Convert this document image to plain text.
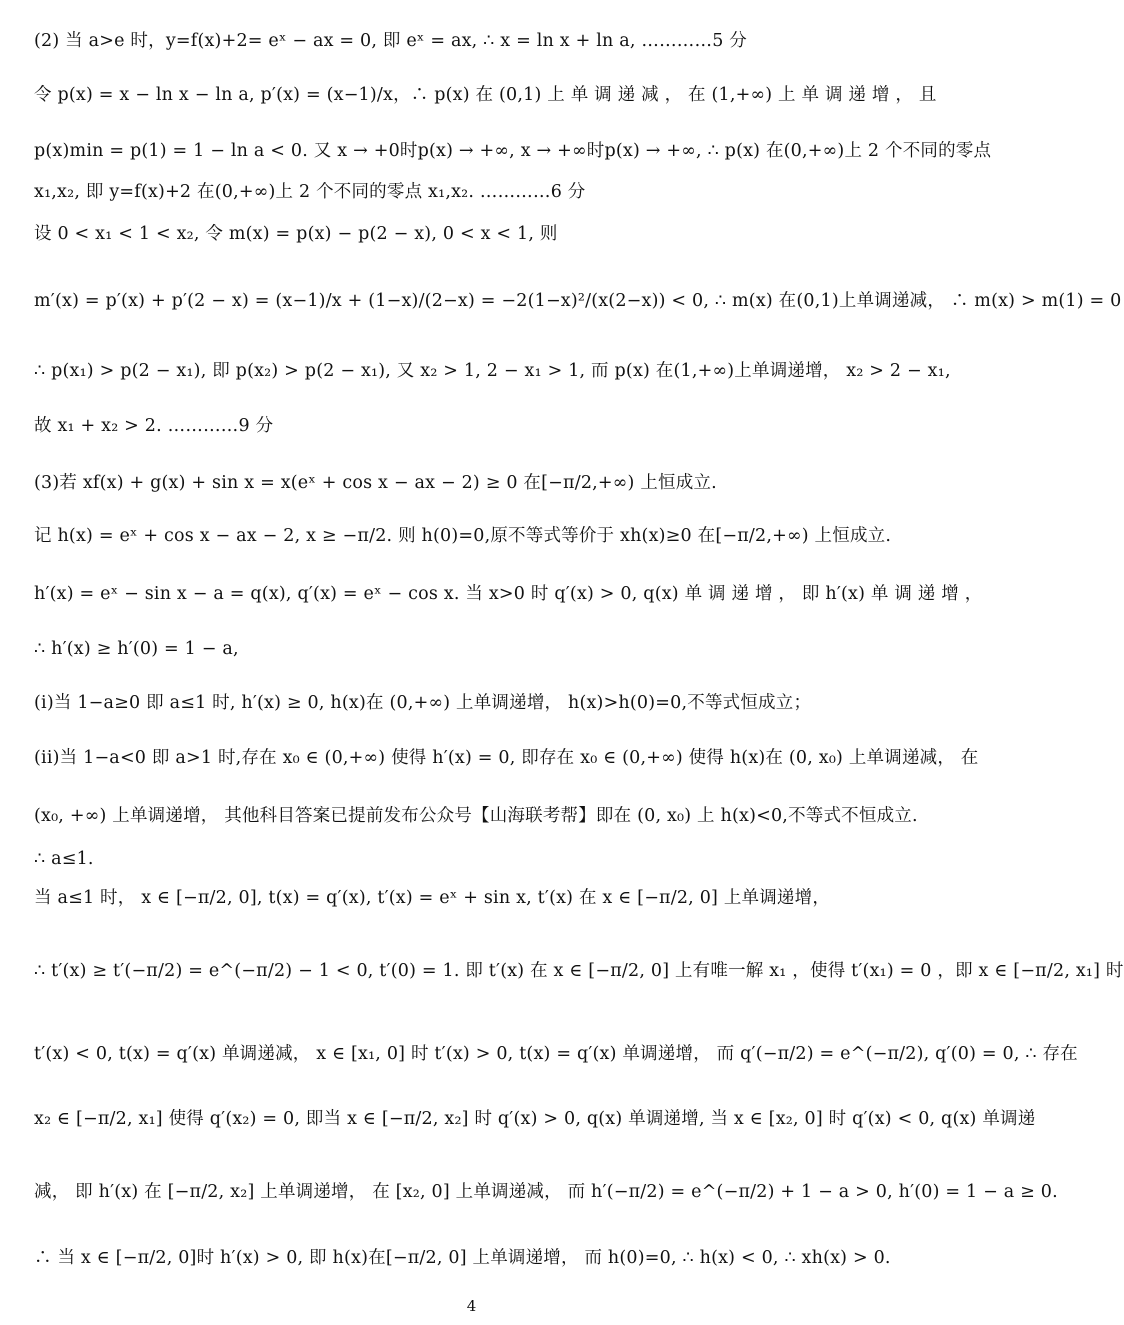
(2) 当 a>e 时，y=f(x)+2= eˣ − ax = 0, 即 eˣ = ax, ∴ x = ln x + ln a, …………5 分
令 p(x) = x − ln x − ln a, p′(x) = (x−1)/x，∴ p(x) 在 (0,1) 上 单 调 递 减 ， 在 (1,+∞) 上 单 调 递 增 ， 且
p(x)min = p(1) = 1 − ln a < 0. 又 x → +0时p(x) → +∞, x → +∞时p(x) → +∞, ∴ p(x) 在(0,+∞)上 2 个不同的零点
x₁,x₂, 即 y=f(x)+2 在(0,+∞)上 2 个不同的零点 x₁,x₂. …………6 分
设 0 < x₁ < 1 < x₂, 令 m(x) = p(x) − p(2 − x), 0 < x < 1, 则
m′(x) = p′(x) + p′(2 − x) = (x−1)/x + (1−x)/(2−x) = −2(1−x)²/(x(2−x)) < 0, ∴ m(x) 在(0,1)上单调递减， ∴ m(x) > m(1) = 0
∴ p(x₁) > p(2 − x₁), 即 p(x₂) > p(2 − x₁), 又 x₂ > 1, 2 − x₁ > 1, 而 p(x) 在(1,+∞)上单调递增， x₂ > 2 − x₁,
故 x₁ + x₂ > 2. …………9 分
(3)若 xf(x) + g(x) + sin x = x(eˣ + cos x − ax − 2) ≥ 0 在[−π/2,+∞) 上恒成立.
记 h(x) = eˣ + cos x − ax − 2, x ≥ −π/2. 则 h(0)=0,原不等式等价于 xh(x)≥0 在[−π/2,+∞) 上恒成立.
h′(x) = eˣ − sin x − a = q(x), q′(x) = eˣ − cos x. 当 x>0 时 q′(x) > 0, q(x) 单 调 递 增 ， 即 h′(x) 单 调 递 增 ，
∴ h′(x) ≥ h′(0) = 1 − a,
(i)当 1−a≥0 即 a≤1 时, h′(x) ≥ 0, h(x)在 (0,+∞) 上单调递增， h(x)>h(0)=0,不等式恒成立；
(ii)当 1−a<0 即 a>1 时,存在 x₀ ∈ (0,+∞) 使得 h′(x) = 0, 即存在 x₀ ∈ (0,+∞) 使得 h(x)在 (0, x₀) 上单调递减， 在
(x₀, +∞) 上单调递增， 其他科目答案已提前发布公众号【山海联考帮】即在 (0, x₀) 上 h(x)<0,不等式不恒成立.
∴ a≤1.
当 a≤1 时， x ∈ [−π/2, 0], t(x) = q′(x), t′(x) = eˣ + sin x, t′(x) 在 x ∈ [−π/2, 0] 上单调递增，
∴ t′(x) ≥ t′(−π/2) = e^(−π/2) − 1 < 0, t′(0) = 1. 即 t′(x) 在 x ∈ [−π/2, 0] 上有唯一解 x₁ ，使得 t′(x₁) = 0 ，即 x ∈ [−π/2, x₁] 时
t′(x) < 0, t(x) = q′(x) 单调递减， x ∈ [x₁, 0] 时 t′(x) > 0, t(x) = q′(x) 单调递增， 而 q′(−π/2) = e^(−π/2), q′(0) = 0, ∴ 存在
x₂ ∈ [−π/2, x₁] 使得 q′(x₂) = 0, 即当 x ∈ [−π/2, x₂] 时 q′(x) > 0, q(x) 单调递增, 当 x ∈ [x₂, 0] 时 q′(x) < 0, q(x) 单调递
减， 即 h′(x) 在 [−π/2, x₂] 上单调递增， 在 [x₂, 0] 上单调递减， 而 h′(−π/2) = e^(−π/2) + 1 − a > 0, h′(0) = 1 − a ≥ 0.
∴ 当 x ∈ [−π/2, 0]时 h′(x) > 0, 即 h(x)在[−π/2, 0] 上单调递增， 而 h(0)=0, ∴ h(x) < 0, ∴ xh(x) > 0.
4
